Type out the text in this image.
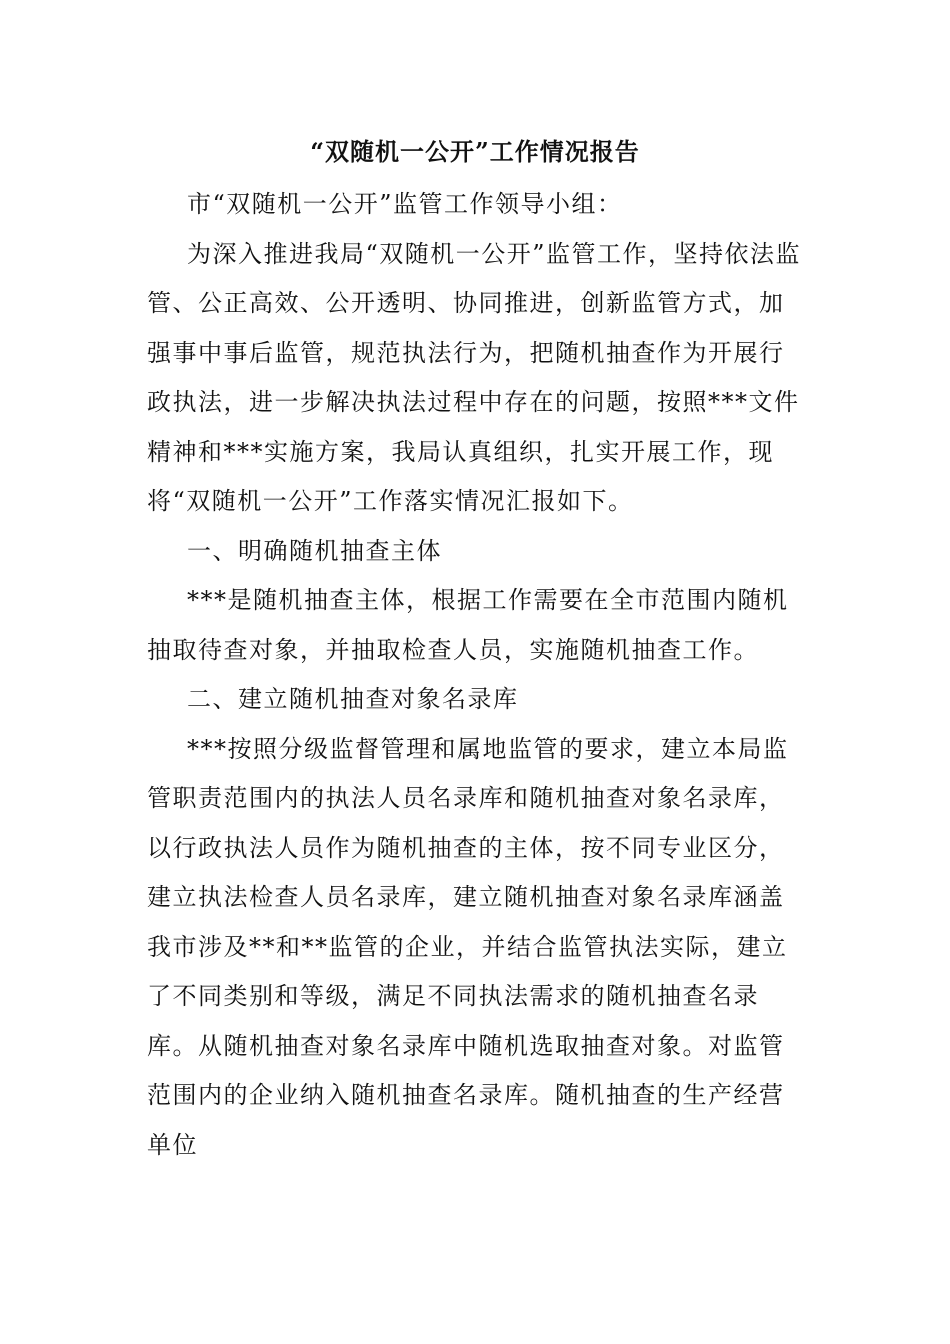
“双随机一公开”工作情况报告

市“双随机一公开”监管工作领导小组：

为深入推进我局“双随机一公开”监管工作，坚持依法监管、公正高效、公开透明、协同推进，创新监管方式，加强事中事后监管，规范执法行为，把随机抽查作为开展行政执法，进一步解决执法过程中存在的问题，按照***文件精神和***实施方案，我局认真组织，扎实开展工作，现将“双随机一公开”工作落实情况汇报如下。

一、明确随机抽查主体

***是随机抽查主体，根据工作需要在全市范围内随机抽取待查对象，并抽取检查人员，实施随机抽查工作。

二、建立随机抽查对象名录库

***按照分级监督管理和属地监管的要求，建立本局监管职责范围内的执法人员名录库和随机抽查对象名录库，以行政执法人员作为随机抽查的主体，按不同专业区分，建立执法检查人员名录库，建立随机抽查对象名录库涵盖我市涉及**和**监管的企业，并结合监管执法实际，建立了不同类别和等级，满足不同执法需求的随机抽查名录库。从随机抽查对象名录库中随机选取抽查对象。对监管范围内的企业纳入随机抽查名录库。随机抽查的生产经营单位
